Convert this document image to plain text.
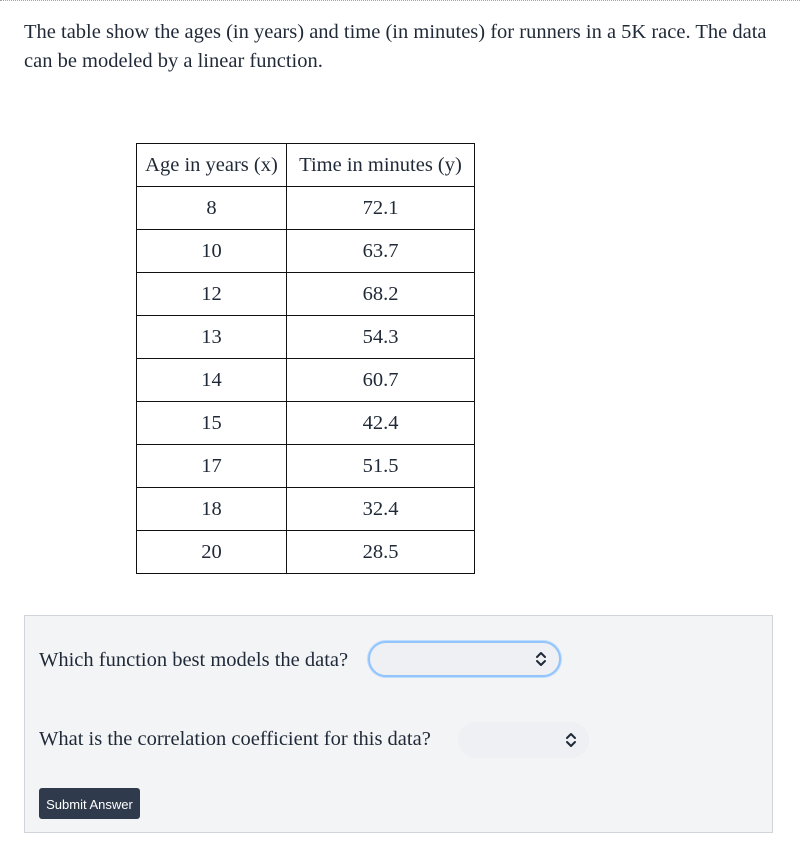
The table show the ages (in years) and time (in minutes) for runners in a 5K race. The data can be modeled by a linear function.
Age in years (x)	Time in minutes (y)
8	72.1
10	63.7
12	68.2
13	54.3
14	60.7
15	42.4
17	51.5
18	32.4
20	28.5
Which function best models the data?
What is the correlation coefficient for this data?
Submit Answer
